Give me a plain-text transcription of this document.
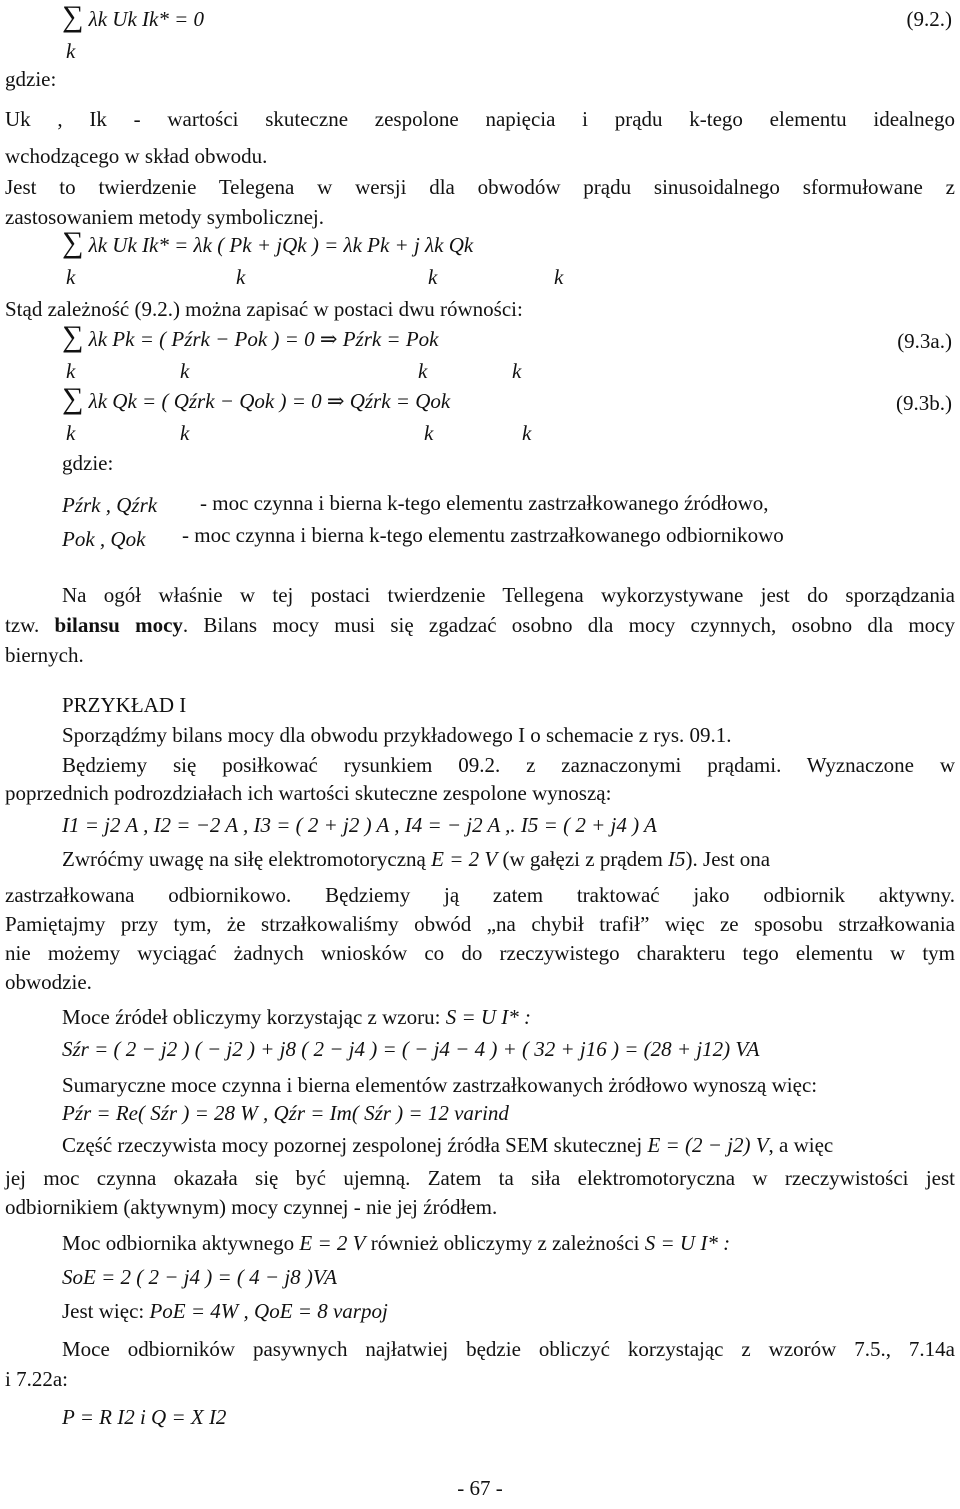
∑ λk Uk Ik* = 0
k
(9.2.)
gdzie:
Uk , Ik - wartości skuteczne zespolone napięcia i prądu k-tego elementu idealnego
wchodzącego w skład obwodu.
Jest to twierdzenie Telegena w wersji dla obwodów prądu sinusoidalnego sformułowane z
zastosowaniem metody symbolicznej.
∑ λk Uk Ik* = λk ( Pk + jQk ) = λk Pk + j λk Qk
k	k	k	k
Stąd zależność (9.2.) można zapisać w postaci dwu równości:
∑ λk Pk = ( Pźrk − Pok ) = 0 ⇒ Pźrk = Pok
k	k	k	k
(9.3a.)
∑ λk Qk = ( Qźrk − Qok ) = 0 ⇒ Qźrk = Qok
k	k	k	k
(9.3b.)
gdzie:
Pźrk , Qźrk - moc czynna i bierna k-tego elementu zastrzałkowanego źródłowo,
Pok , Qok - moc czynna i bierna k-tego elementu zastrzałkowanego odbiornikowo
Na ogół właśnie w tej postaci twierdzenie Tellegena wykorzystywane jest do sporządzania
tzw. bilansu mocy. Bilans mocy musi się zgadzać osobno dla mocy czynnych, osobno dla mocy
biernych.
PRZYKŁAD I
Sporządźmy bilans mocy dla obwodu przykładowego I o schemacie z rys. 09.1.
Będziemy się posiłkować rysunkiem 09.2. z zaznaczonymi prądami. Wyznaczone w
poprzednich podrozdziałach ich wartości skuteczne zespolone wynoszą:
I1 = j2 A , I2 = −2 A , I3 = ( 2 + j2 ) A , I4 = − j2 A ,. I5 = ( 2 + j4 ) A
Zwróćmy uwagę na siłę elektromotoryczną E = 2 V (w gałęzi z prądem I5). Jest ona
zastrzałkowana odbiornikowo. Będziemy ją zatem traktować jako odbiornik aktywny.
Pamiętajmy przy tym, że strzałkowaliśmy obwód „na chybił trafił” więc ze sposobu strzałkowania
nie możemy wyciągać żadnych wniosków co do rzeczywistego charakteru tego elementu w tym
obwodzie.
Moce źródeł obliczymy korzystając z wzoru: S = U I* :
Sźr = ( 2 − j2 ) ( − j2 ) + j8 ( 2 − j4 ) = ( − j4 − 4 ) + ( 32 + j16 ) = (28 + j12) VA
Sumaryczne moce czynna i bierna elementów zastrzałkowanych żródłowo wynoszą więc:
Pźr = Re( Sźr ) = 28 W , Qźr = Im( Sźr ) = 12 varind
Część rzeczywista mocy pozornej zespolonej źródła SEM skutecznej E = (2 − j2) V, a więc
jej moc czynna okazała się być ujemną. Zatem ta siła elektromotoryczna w rzeczywistości jest
odbiornikiem (aktywnym) mocy czynnej - nie jej źródłem.
Moc odbiornika aktywnego E = 2 V również obliczymy z zależności S = U I* :
SoE = 2 ( 2 − j4 ) = ( 4 − j8 )VA
Jest więc: PoE = 4W , QoE = 8 varpoj
Moce odbiorników pasywnych najłatwiej będzie obliczyć korzystając z wzorów 7.5., 7.14a
i 7.22a:
P = R I2 i Q = X I2
- 67 -
